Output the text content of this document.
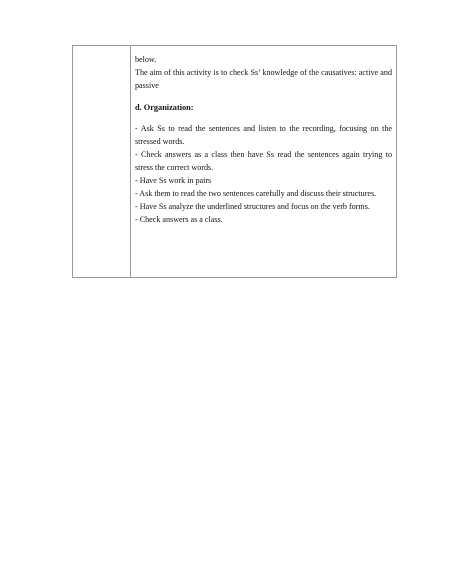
below.

The aim of this activity is to check Ss’ knowledge of the causatives: active and passive

d. Organization:

- Ask Ss to read the sentences and listen to the recording, focusing on the stressed words.

- Check answers as a class then have Ss read the sentences again trying to stress the correct words.

- Have Ss work in pairs

- Ask them to read the two sentences carefully and discuss their structures.

- Have Ss analyze the underlined structures and focus on the verb forms.

- Check answers as a class.
